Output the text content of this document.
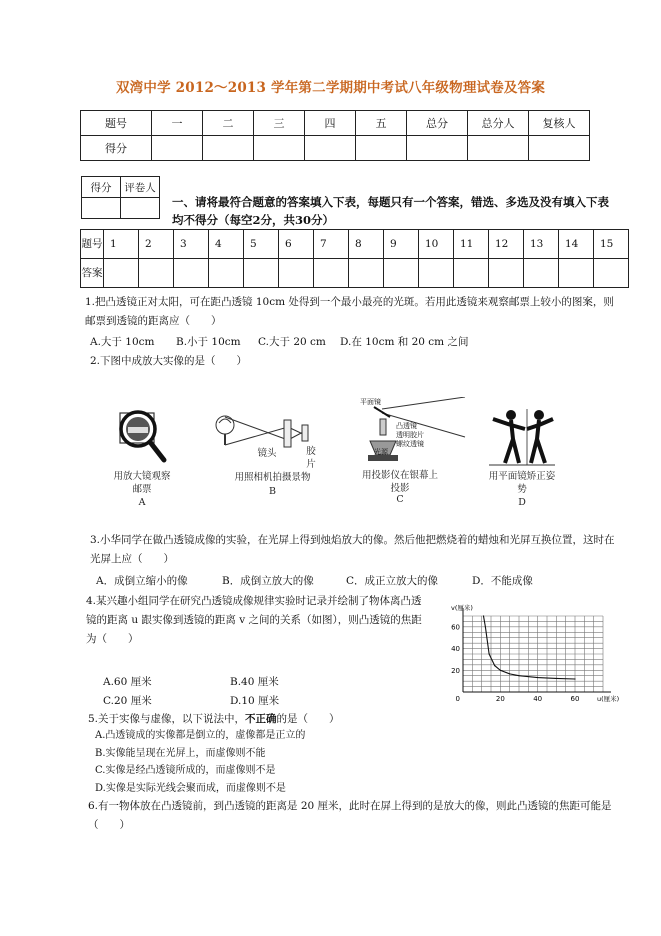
双湾中学 2012～2013 学年第二学期期中考试八年级物理试卷及答案
题号	一	二	三	四	五	总分	总分人	复核人
得分								
得分	评卷人

一、请将最符合题意的答案填入下表，每题只有一个答案，错选、多选及没有填入下表均不得分（每空2分，共30分）
题号	1	2	3	4	5	6	7	8	9	10	11	12	13	14	15
答案															
1.把凸透镜正对太阳，可在距凸透镜 10cm 处得到一个最小最亮的光斑。若用此透镜来观察邮票上较小的图案，则邮票到透镜的距离应（　　）
A.大于 10cm B.小于 10cm C.大于 20 cm D.在 10cm 和 20 cm 之间
2.下图中成放大实像的是（　　）
用放大镜观察邮票
A
镜头	胶片
用照相机拍摄景物
B
平面镜
凸透镜
透明胶片
螺纹透镜
光源
用投影仪在银幕上投影
C
用平面镜矫正姿势
D
3.小华同学在做凸透镜成像的实验，在光屏上得到烛焰放大的像。然后他把燃烧着的蜡烛和光屏互换位置，这时在光屏上应（　　）
A．成倒立缩小的像	B．成倒立放大的像	C．成正立放大的像	D．不能成像
4.某兴趣小组同学在研究凸透镜成像规律实验时记录并绘制了物体离凸透镜的距离 u 跟实像到透镜的距离 v 之间的关系（如图），则凸透镜的焦距为（　　）
A.60 厘米	B.40 厘米
C.20 厘米	D.10 厘米	20	40	60
20
40
60
0
v(厘米)
u(厘米)
5.关于实像与虚像，以下说法中，不正确的是（　　）
A.凸透镜成的实像都是倒立的，虚像都是正立的
B.实像能呈现在光屏上，而虚像则不能
C.实像是经凸透镜所成的，而虚像则不是
D.实像是实际光线会聚而成，而虚像则不是
6.有一物体放在凸透镜前，到凸透镜的距离是 20 厘米，此时在屏上得到的是放大的像，则此凸透镜的焦距可能是　　（　　）
